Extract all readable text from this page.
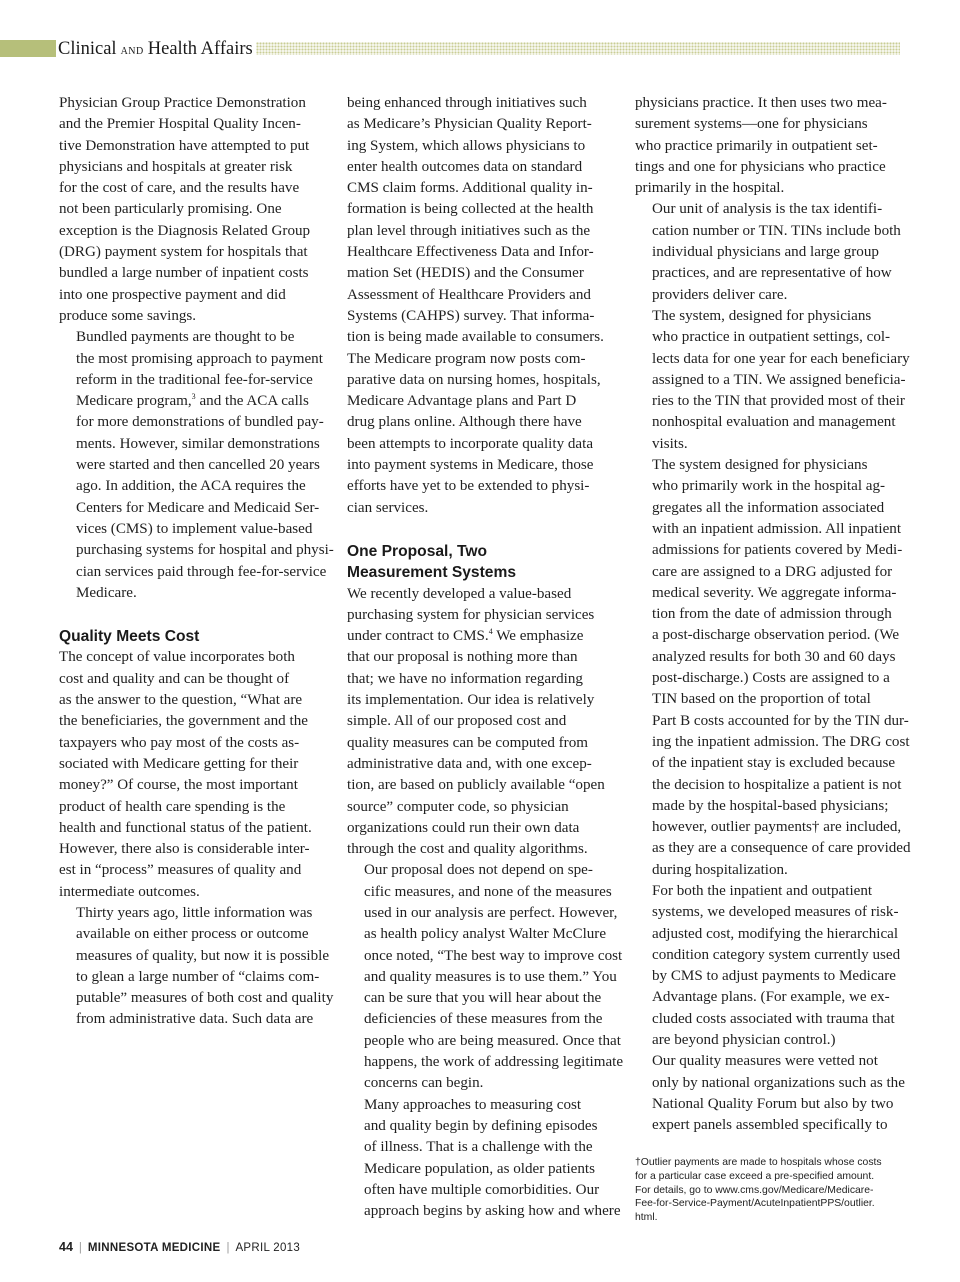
Clinical AND Health Affairs

Physician Group Practice Demonstration
and the Premier Hospital Quality Incen-
tive Demonstration have attempted to put
physicians and hospitals at greater risk
for the cost of care, and the results have
not been particularly promising. One
exception is the Diagnosis Related Group
(DRG) payment system for hospitals that
bundled a large number of inpatient costs
into one prospective payment and did
produce some savings.

Bundled payments are thought to be
the most promising approach to payment
reform in the traditional fee-for-service
Medicare program,$^3$ and the ACA calls
for more demonstrations of bundled pay-
ments. However, similar demonstrations
were started and then cancelled 20 years
ago. In addition, the ACA requires the
Centers for Medicare and Medicaid Ser-
vices (CMS) to implement value-based
purchasing systems for hospital and physi-
cian services paid through fee-for-service
Medicare.

Quality Meets Cost

The concept of value incorporates both
cost and quality and can be thought of
as the answer to the question, “What are
the beneficiaries, the government and the
taxpayers who pay most of the costs as-
sociated with Medicare getting for their
money?” Of course, the most important
product of health care spending is the
health and functional status of the patient.
However, there also is considerable inter-
est in “process” measures of quality and
intermediate outcomes.

Thirty years ago, little information was
available on either process or outcome
measures of quality, but now it is possible
to glean a large number of “claims com-
putable” measures of both cost and quality
from administrative data. Such data are

being enhanced through initiatives such
as Medicare’s Physician Quality Report-
ing System, which allows physicians to
enter health outcomes data on standard
CMS claim forms. Additional quality in-
formation is being collected at the health
plan level through initiatives such as the
Healthcare Effectiveness Data and Infor-
mation Set (HEDIS) and the Consumer
Assessment of Healthcare Providers and
Systems (CAHPS) survey. That informa-
tion is being made available to consumers.
The Medicare program now posts com-
parative data on nursing homes, hospitals,
Medicare Advantage plans and Part D
drug plans online. Although there have
been attempts to incorporate quality data
into payment systems in Medicare, those
efforts have yet to be extended to physi-
cian services.

One Proposal, Two
Measurement Systems

We recently developed a value-based
purchasing system for physician services
under contract to CMS.$^4$ We emphasize
that our proposal is nothing more than
that; we have no information regarding
its implementation. Our idea is relatively
simple. All of our proposed cost and
quality measures can be computed from
administrative data and, with one excep-
tion, are based on publicly available “open
source” computer code, so physician
organizations could run their own data
through the cost and quality algorithms.

Our proposal does not depend on spe-
cific measures, and none of the measures
used in our analysis are perfect. However,
as health policy analyst Walter McClure
once noted, “The best way to improve cost
and quality measures is to use them.” You
can be sure that you will hear about the
deficiencies of these measures from the
people who are being measured. Once that
happens, the work of addressing legitimate
concerns can begin.

Many approaches to measuring cost
and quality begin by defining episodes
of illness. That is a challenge with the
Medicare population, as older patients
often have multiple comorbidities. Our
approach begins by asking how and where

physicians practice. It then uses two mea-
surement systems—one for physicians
who practice primarily in outpatient set-
tings and one for physicians who practice
primarily in the hospital.

Our unit of analysis is the tax identifi-
cation number or TIN. TINs include both
individual physicians and large group
practices, and are representative of how
providers deliver care.

The system, designed for physicians
who practice in outpatient settings, col-
lects data for one year for each beneficiary
assigned to a TIN. We assigned beneficia-
ries to the TIN that provided most of their
nonhospital evaluation and management
visits.

The system designed for physicians
who primarily work in the hospital ag-
gregates all the information associated
with an inpatient admission. All inpatient
admissions for patients covered by Medi-
care are assigned to a DRG adjusted for
medical severity. We aggregate informa-
tion from the date of admission through
a post-discharge observation period. (We
analyzed results for both 30 and 60 days
post-discharge.) Costs are assigned to a
TIN based on the proportion of total
Part B costs accounted for by the TIN dur-
ing the inpatient admission. The DRG cost
of the inpatient stay is excluded because
the decision to hospitalize a patient is not
made by the hospital-based physicians;
however, outlier payments† are included,
as they are a consequence of care provided
during hospitalization.

For both the inpatient and outpatient
systems, we developed measures of risk-
adjusted cost, modifying the hierarchical
condition category system currently used
by CMS to adjust payments to Medicare
Advantage plans. (For example, we ex-
cluded costs associated with trauma that
are beyond physician control.)

Our quality measures were vetted not
only by national organizations such as the
National Quality Forum but also by two
expert panels assembled specifically to

†Outlier payments are made to hospitals whose costs
for a particular case exceed a pre-specified amount.
For details, go to www.cms.gov/Medicare/Medicare-
Fee-for-Service-Payment/AcuteInpatientPPS/outlier.
html.
44 | MINNESOTA MEDICINE | APRIL 2013
